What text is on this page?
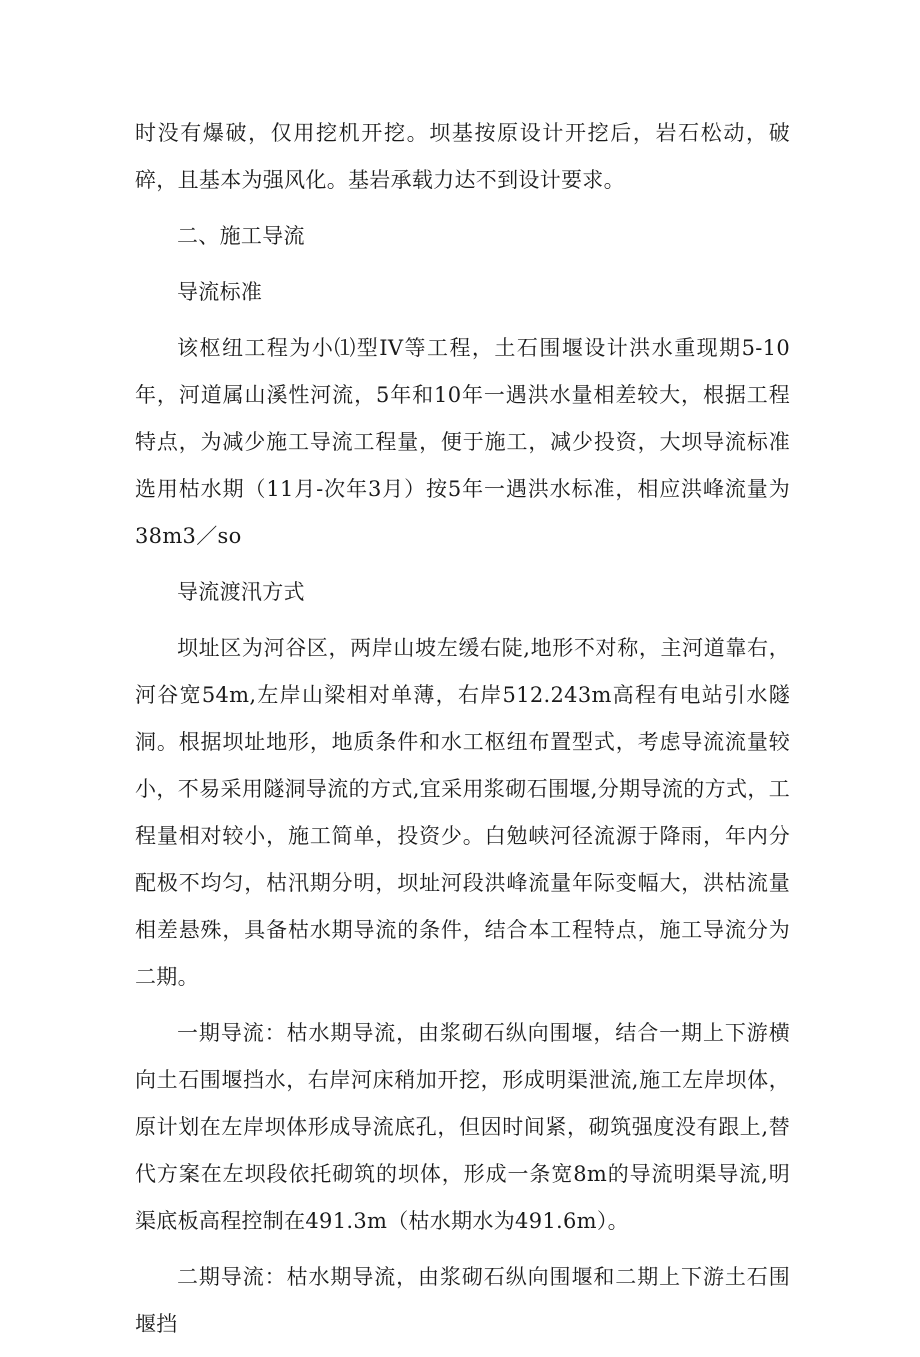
时没有爆破，仅用挖机开挖。坝基按原设计开挖后，岩石松动，破碎，且基本为强风化。基岩承载力达不到设计要求。

二、施工导流

导流标准

该枢纽工程为小⑴型IV等工程，土石围堰设计洪水重现期5-10年，河道属山溪性河流，5年和10年一遇洪水量相差较大，根据工程特点，为减少施工导流工程量，便于施工，减少投资，大坝导流标准选用枯水期（11月-次年3月）按5年一遇洪水标准，相应洪峰流量为38m3／so

导流渡汛方式

坝址区为河谷区，两岸山坡左缓右陡,地形不对称，主河道靠右，河谷宽54m,左岸山梁相对单薄，右岸512.243m高程有电站引水隧洞。根据坝址地形，地质条件和水工枢纽布置型式，考虑导流流量较小，不易采用隧洞导流的方式,宜采用浆砌石围堰,分期导流的方式，工程量相对较小，施工简单，投资少。白勉峡河径流源于降雨，年内分配极不均匀，枯汛期分明，坝址河段洪峰流量年际变幅大，洪枯流量相差悬殊，具备枯水期导流的条件，结合本工程特点，施工导流分为二期。

一期导流：枯水期导流，由浆砌石纵向围堰，结合一期上下游横向土石围堰挡水，右岸河床稍加开挖，形成明渠泄流,施工左岸坝体，原计划在左岸坝体形成导流底孔，但因时间紧，砌筑强度没有跟上,替代方案在左坝段依托砌筑的坝体，形成一条宽8m的导流明渠导流,明渠底板高程控制在491.3m（枯水期水为491.6m）。

二期导流：枯水期导流，由浆砌石纵向围堰和二期上下游土石围堰挡
